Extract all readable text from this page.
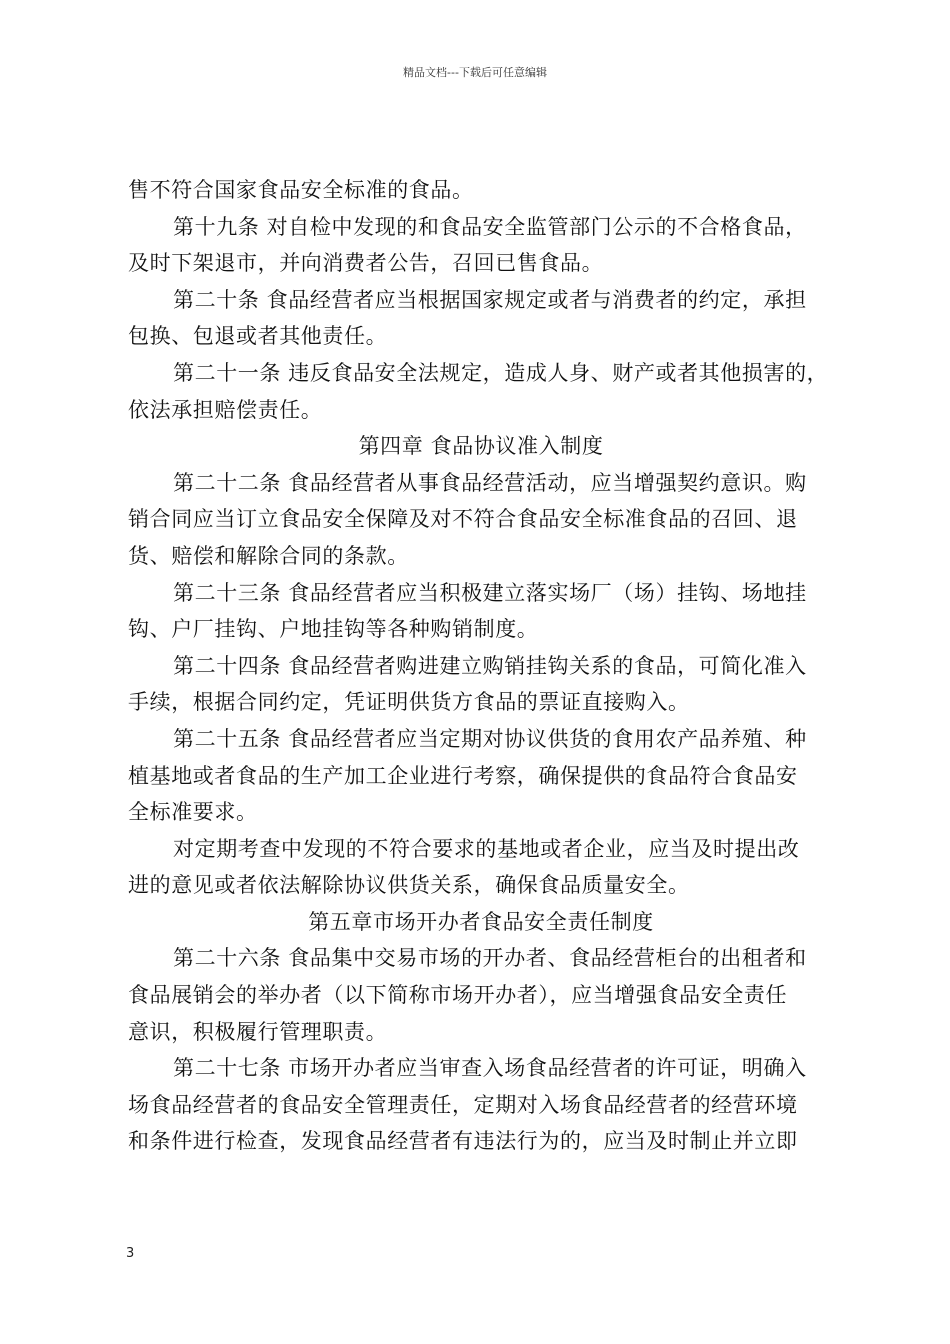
精品文档---下载后可任意编辑
售不符合国家食品安全标准的食品。
第十九条 对自检中发现的和食品安全监管部门公示的不合格食品，
及时下架退市，并向消费者公告，召回已售食品。
第二十条 食品经营者应当根据国家规定或者与消费者的约定，承担
包换、包退或者其他责任。
第二十一条 违反食品安全法规定，造成人身、财产或者其他损害的，
依法承担赔偿责任。
第四章 食品协议准入制度
第二十二条 食品经营者从事食品经营活动，应当增强契约意识。购
销合同应当订立食品安全保障及对不符合食品安全标准食品的召回、退
货、赔偿和解除合同的条款。
第二十三条 食品经营者应当积极建立落实场厂（场）挂钩、场地挂
钩、户厂挂钩、户地挂钩等各种购销制度。
第二十四条 食品经营者购进建立购销挂钩关系的食品，可简化准入
手续，根据合同约定，凭证明供货方食品的票证直接购入。
第二十五条 食品经营者应当定期对协议供货的食用农产品养殖、种
植基地或者食品的生产加工企业进行考察，确保提供的食品符合食品安
全标准要求。
对定期考查中发现的不符合要求的基地或者企业，应当及时提出改
进的意见或者依法解除协议供货关系，确保食品质量安全。
第五章市场开办者食品安全责任制度
第二十六条 食品集中交易市场的开办者、食品经营柜台的出租者和
食品展销会的举办者（以下简称市场开办者），应当增强食品安全责任
意识，积极履行管理职责。
第二十七条 市场开办者应当审查入场食品经营者的许可证，明确入
场食品经营者的食品安全管理责任，定期对入场食品经营者的经营环境
和条件进行检查，发现食品经营者有违法行为的，应当及时制止并立即
3
